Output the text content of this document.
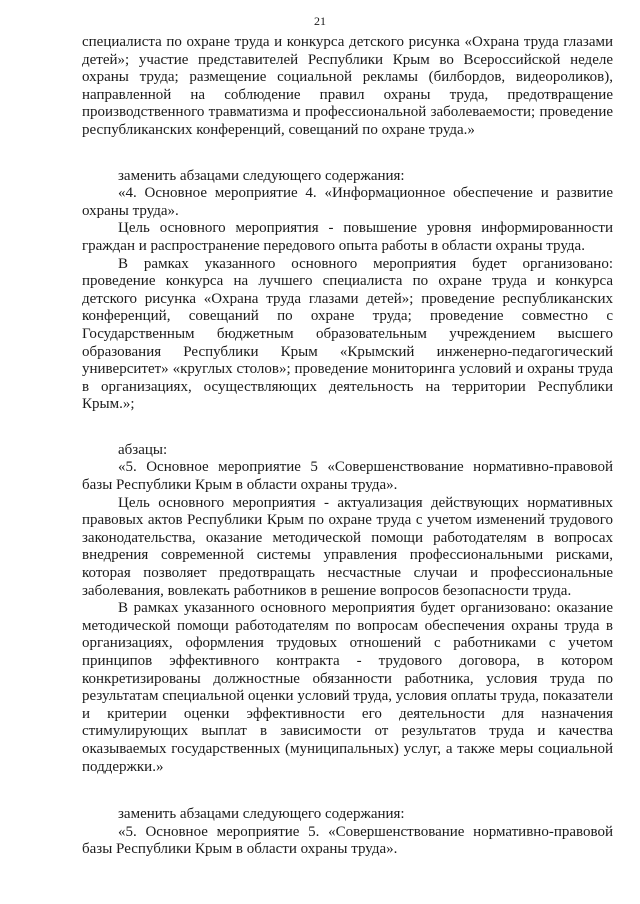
21

специалиста по охране труда и конкурса детского рисунка «Охрана труда глазами детей»; участие представителей Республики Крым во Всероссийской неделе охраны труда; размещение социальной рекламы (билбордов, видеороликов), направленной на соблюдение правил охраны труда, предотвращение производственного травматизма и профессиональной заболеваемости; проведение республиканских конференций, совещаний по охране труда.»

заменить абзацами следующего содержания:

«4. Основное мероприятие 4. «Информационное обеспечение и развитие охраны труда».

Цель основного мероприятия - повышение уровня информированности граждан и распространение передового опыта работы в области охраны труда.

В рамках указанного основного мероприятия будет организовано: проведение конкурса на лучшего специалиста по охране труда и конкурса детского рисунка «Охрана труда глазами детей»; проведение республиканских конференций, совещаний по охране труда; проведение совместно с Государственным бюджетным образовательным учреждением высшего образования Республики Крым «Крымский инженерно-педагогический университет» «круглых столов»; проведение мониторинга условий и охраны труда в организациях, осуществляющих деятельность на территории Республики Крым.»;

абзацы:

«5. Основное мероприятие 5 «Совершенствование нормативно-правовой базы Республики Крым в области охраны труда».

Цель основного мероприятия - актуализация действующих нормативных правовых актов Республики Крым по охране труда с учетом изменений трудового законодательства, оказание методической помощи работодателям в вопросах внедрения современной системы управления профессиональными рисками, которая позволяет предотвращать несчастные случаи и профессиональные заболевания, вовлекать работников в решение вопросов безопасности труда.

В рамках указанного основного мероприятия будет организовано: оказание методической помощи работодателям по вопросам обеспечения охраны труда в организациях, оформления трудовых отношений с работниками с учетом принципов эффективного контракта - трудового договора, в котором конкретизированы должностные обязанности работника, условия труда по результатам специальной оценки условий труда, условия оплаты труда, показатели и критерии оценки эффективности его деятельности для назначения стимулирующих выплат в зависимости от результатов труда и качества оказываемых государственных (муниципальных) услуг, а также меры социальной поддержки.»

заменить абзацами следующего содержания:

«5. Основное мероприятие 5. «Совершенствование нормативно-правовой базы Республики Крым в области охраны труда».
